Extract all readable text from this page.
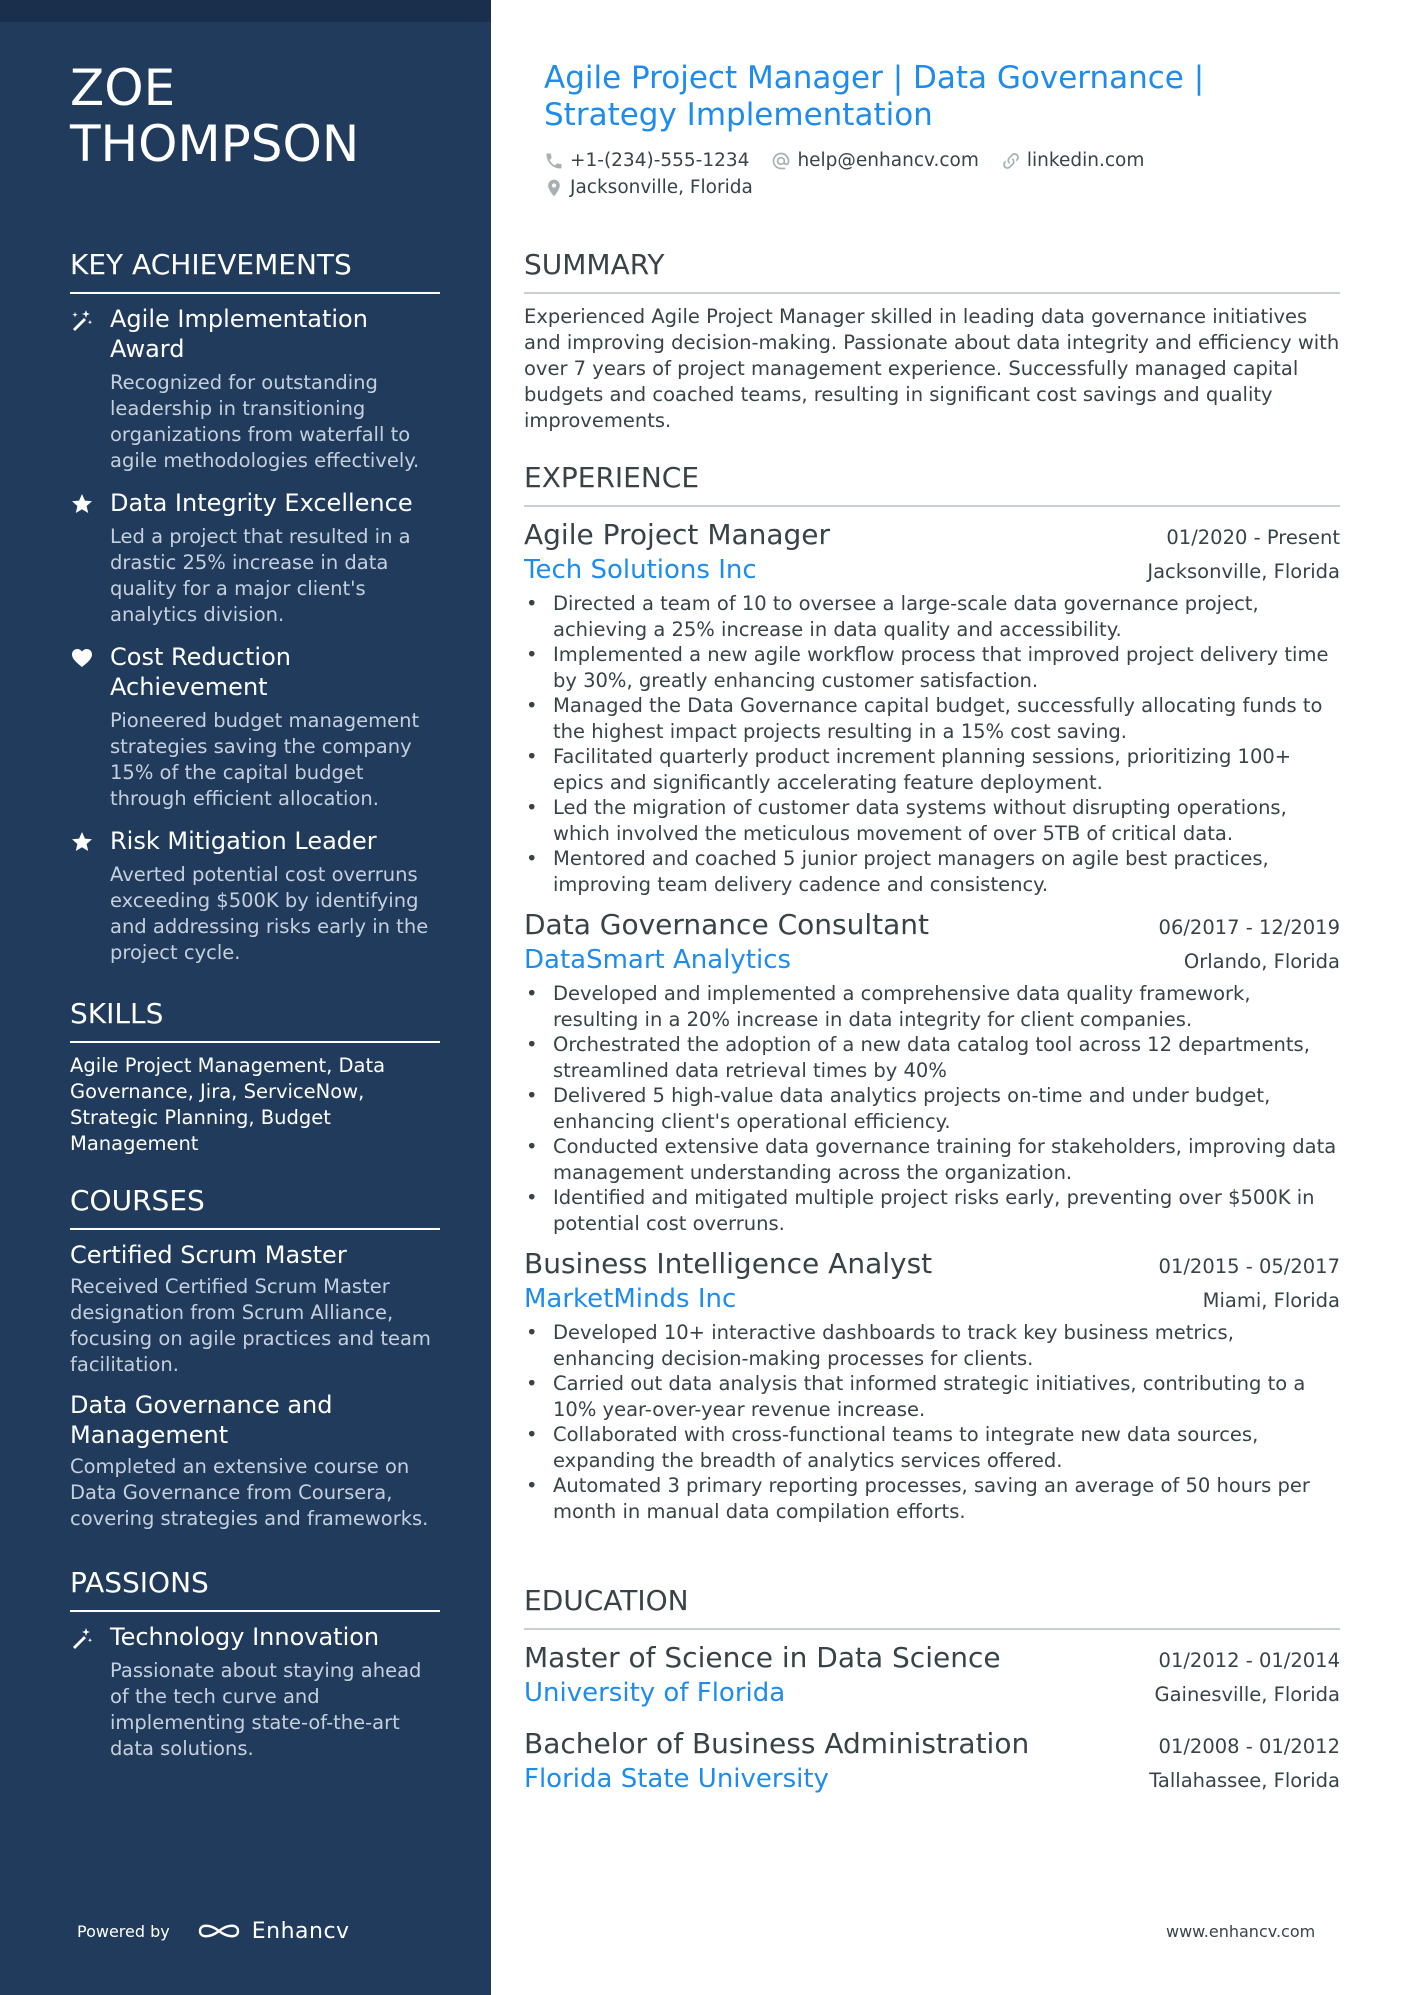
ZOE
THOMPSON
KEY ACHIEVEMENTS
Agile Implementation Award
Recognized for outstanding leadership in transitioning organizations from waterfall to agile methodologies effectively.
Data Integrity Excellence
Led a project that resulted in a drastic 25% increase in data quality for a major client's analytics division.
Cost Reduction Achievement
Pioneered budget management strategies saving the company 15% of the capital budget through efficient allocation.
Risk Mitigation Leader
Averted potential cost overruns exceeding $500K by identifying and addressing risks early in the project cycle.
SKILLS
Agile Project Management, Data Governance, Jira, ServiceNow, Strategic Planning, Budget Management
COURSES
Certified Scrum Master
Received Certified Scrum Master designation from Scrum Alliance, focusing on agile practices and team facilitation.
Data Governance and Management
Completed an extensive course on Data Governance from Coursera, covering strategies and frameworks.
PASSIONS
Technology Innovation
Passionate about staying ahead of the tech curve and implementing state-of-the-art data solutions.
Powered by	Enhancv
Agile Project Manager | Data Governance | Strategy Implementation
+1-(234)-555-1234	help@enhancv.com	linkedin.com
Jacksonville, Florida
SUMMARY
Experienced Agile Project Manager skilled in leading data governance initiatives and improving decision-making. Passionate about data integrity and efficiency with over 7 years of project management experience. Successfully managed capital budgets and coached teams, resulting in significant cost savings and quality improvements.
EXPERIENCE
Agile Project Manager	01/2020 - Present
Tech Solutions Inc	Jacksonville, Florida
• Directed a team of 10 to oversee a large-scale data governance project, achieving a 25% increase in data quality and accessibility.
• Implemented a new agile workflow process that improved project delivery time by 30%, greatly enhancing customer satisfaction.
• Managed the Data Governance capital budget, successfully allocating funds to the highest impact projects resulting in a 15% cost saving.
• Facilitated quarterly product increment planning sessions, prioritizing 100+ epics and significantly accelerating feature deployment.
• Led the migration of customer data systems without disrupting operations, which involved the meticulous movement of over 5TB of critical data.
• Mentored and coached 5 junior project managers on agile best practices, improving team delivery cadence and consistency.
Data Governance Consultant	06/2017 - 12/2019
DataSmart Analytics	Orlando, Florida
• Developed and implemented a comprehensive data quality framework, resulting in a 20% increase in data integrity for client companies.
• Orchestrated the adoption of a new data catalog tool across 12 departments, streamlined data retrieval times by 40%
• Delivered 5 high-value data analytics projects on-time and under budget, enhancing client's operational efficiency.
• Conducted extensive data governance training for stakeholders, improving data management understanding across the organization.
• Identified and mitigated multiple project risks early, preventing over $500K in potential cost overruns.
Business Intelligence Analyst	01/2015 - 05/2017
MarketMinds Inc	Miami, Florida
• Developed 10+ interactive dashboards to track key business metrics, enhancing decision-making processes for clients.
• Carried out data analysis that informed strategic initiatives, contributing to a 10% year-over-year revenue increase.
• Collaborated with cross-functional teams to integrate new data sources, expanding the breadth of analytics services offered.
• Automated 3 primary reporting processes, saving an average of 50 hours per month in manual data compilation efforts.
EDUCATION
Master of Science in Data Science	01/2012 - 01/2014
University of Florida	Gainesville, Florida
Bachelor of Business Administration	01/2008 - 01/2012
Florida State University	Tallahassee, Florida
www.enhancv.com
